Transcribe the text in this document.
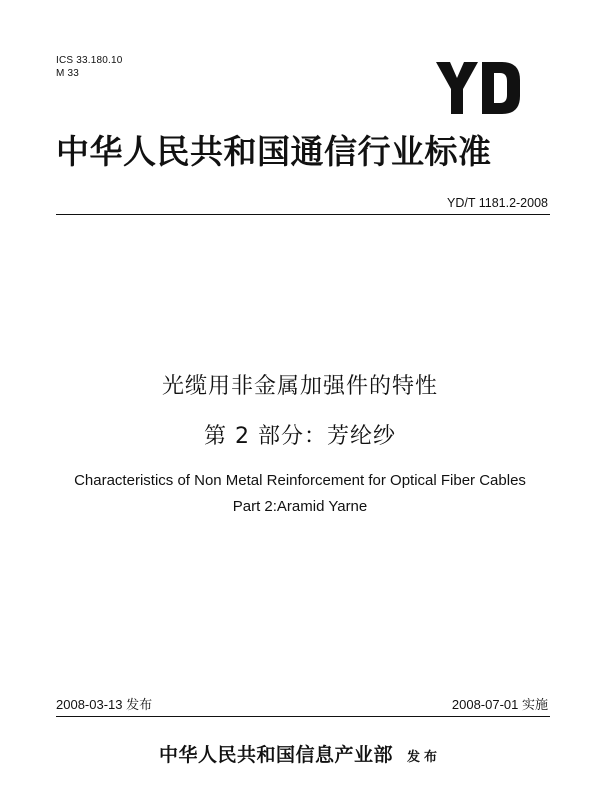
ICS 33.180.10
M 33
中华人民共和国通信行业标准
YD/T 1181.2-2008
光缆用非金属加强件的特性
第 2 部分：芳纶纱
Characteristics of Non Metal Reinforcement for Optical Fiber Cables
Part 2:Aramid Yarne
2008-03-13 发布	2008-07-01 实施
中华人民共和国信息产业部 发布
